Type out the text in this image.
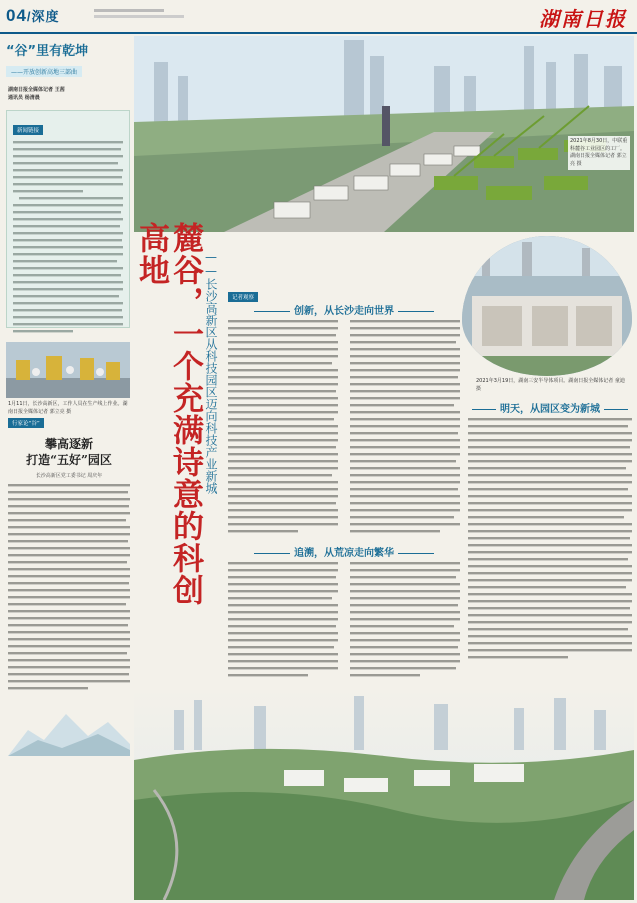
04/深度	湖南日报
“谷”里有乾坤
——开放创新高地三部曲
湖南日报全媒体记者 王茜
通讯员 杨清晨
新闻链接
2021年8月30日，中联重科麓谷工业园区的工厂。湖南日报全媒体记者 郭立亮 摄
1月11日，长沙高新区，工作人员在生产线上作业。湖南日报全媒体记者 郭立亮 摄
行家论“谷”
攀高逐新
打造“五好”园区
长沙高新区党工委书记 周庆年	麓谷，一个充满诗意的科创高地	——长沙高新区从科技园区迈向科技产业新城	记者观察
创新，从长沙走向世界
2021年3月19日，湖南三安半导体项目。湖南日报全媒体记者 童迪 摄
明天，从园区变为新城
追溯，从荒凉走向繁华
